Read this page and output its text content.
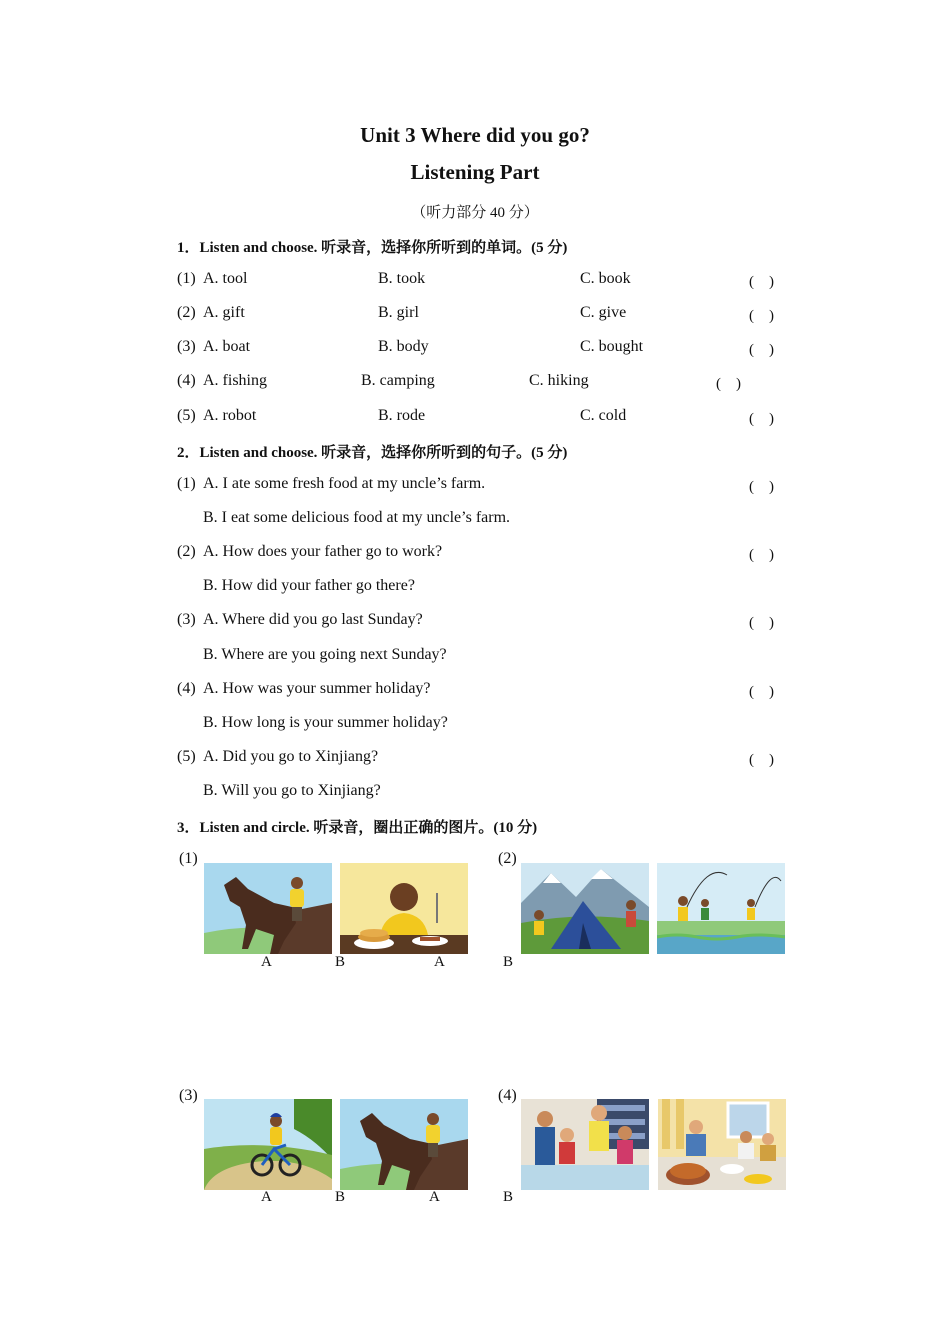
Unit 3 Where did you go?
Listening Part
（听力部分 40 分）
1．Listen and choose. 听录音，选择你所听到的单词。(5 分)
(1) A. tool	B. took	C. book	(　)
(2) A. gift	B. girl	C. give	(　)
(3) A. boat	B. body	C. bought	(　)
(4) A. fishing	B. camping	C. hiking	(　)
(5) A. robot	B. rode	C. cold	(　)
2．Listen and choose. 听录音，选择你所听到的句子。(5 分)
(1) A. I ate some fresh food at my uncle’s farm.	(　)
B. I eat some delicious food at my uncle’s farm.
(2) A. How does your father go to work?	(　)
B. How did your father go there?
(3) A. Where did you go last Sunday?	(　)
B. Where are you going next Sunday?
(4) A. How was your summer holiday?	(　)
B. How long is your summer holiday?
(5) A. Did you go to Xinjiang?	(　)
B. Will you go to Xinjiang?
3．Listen and circle. 听录音，圈出正确的图片。(10 分)
(1)
A	B
(2)
A	B
(3)
A	B
(4)
A	B
